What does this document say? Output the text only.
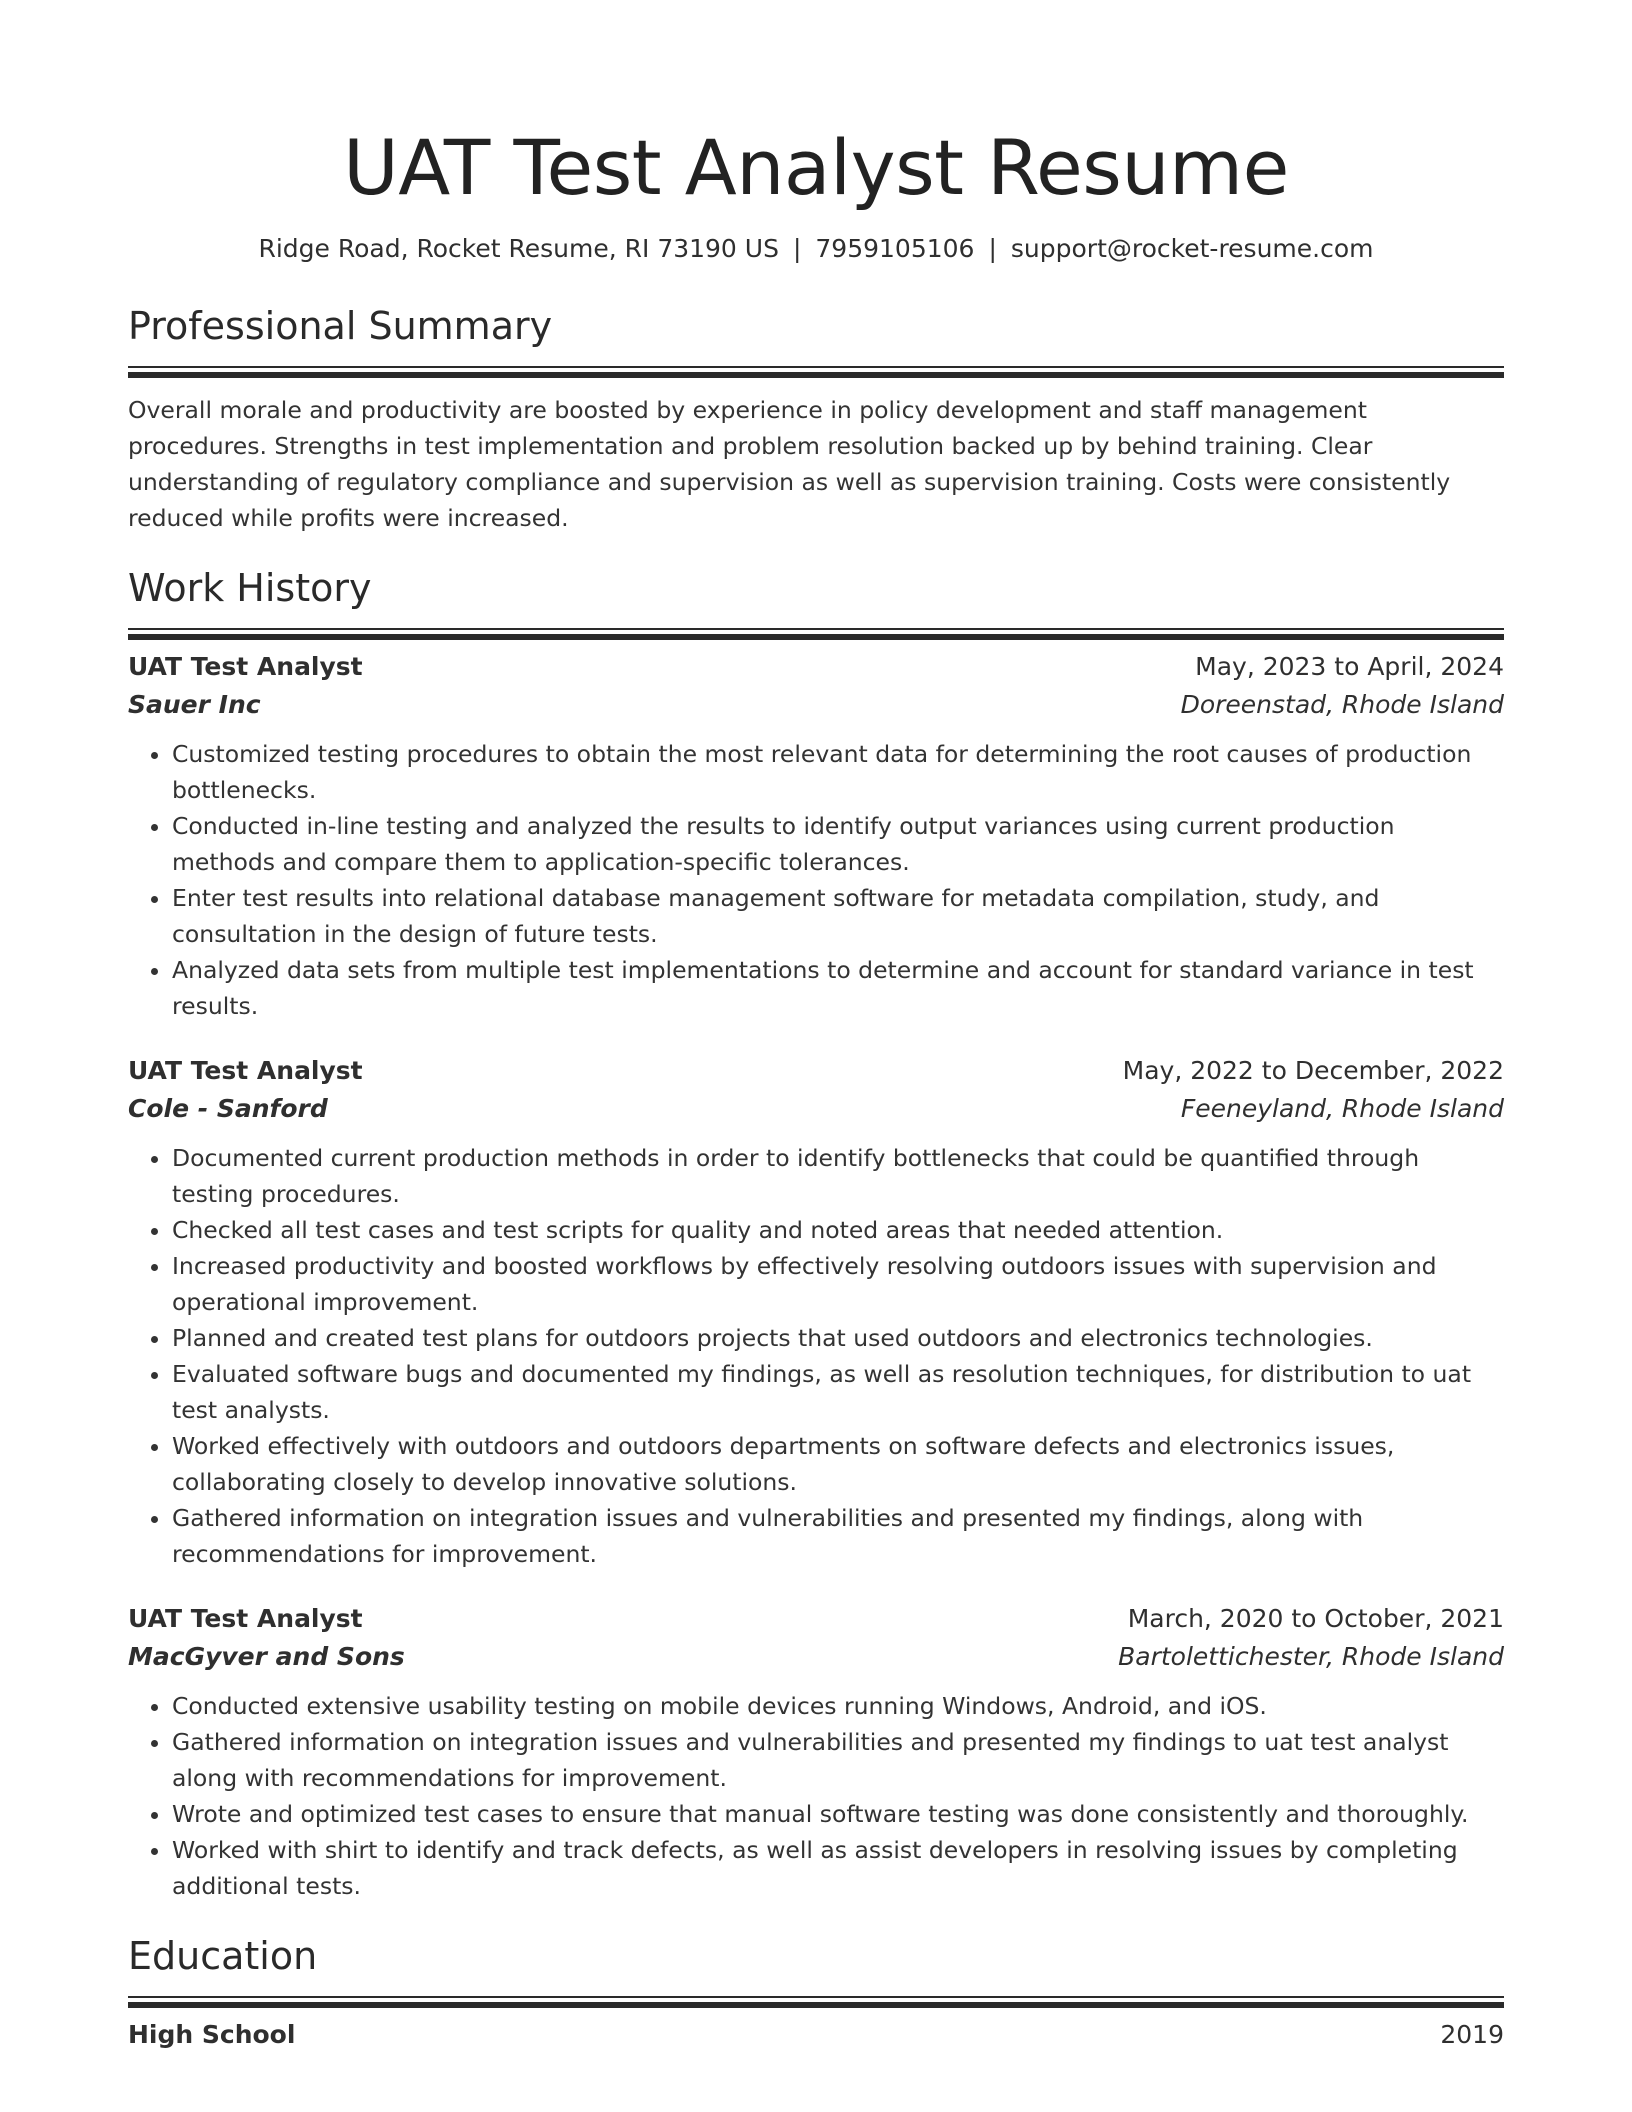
UAT Test Analyst Resume
Ridge Road, Rocket Resume, RI 73190 US | 7959105106 | support@rocket-resume.com
Professional Summary

Overall morale and productivity are boosted by experience in policy development and staff management procedures. Strengths in test implementation and problem resolution backed up by behind training. Clear understanding of regulatory compliance and supervision as well as supervision training. Costs were consistently reduced while profits were increased.

Work History
UAT Test Analyst	May, 2023 to April, 2024
Sauer Inc	Doreenstad, Rhode Island
• Customized testing procedures to obtain the most relevant data for determining the root causes of production bottlenecks.
• Conducted in-line testing and analyzed the results to identify output variances using current production methods and compare them to application-specific tolerances.
• Enter test results into relational database management software for metadata compilation, study, and consultation in the design of future tests.
• Analyzed data sets from multiple test implementations to determine and account for standard variance in test results.
UAT Test Analyst	May, 2022 to December, 2022
Cole - Sanford	Feeneyland, Rhode Island
• Documented current production methods in order to identify bottlenecks that could be quantified through testing procedures.
• Checked all test cases and test scripts for quality and noted areas that needed attention.
• Increased productivity and boosted workflows by effectively resolving outdoors issues with supervision and operational improvement.
• Planned and created test plans for outdoors projects that used outdoors and electronics technologies.
• Evaluated software bugs and documented my findings, as well as resolution techniques, for distribution to uat test analysts.
• Worked effectively with outdoors and outdoors departments on software defects and electronics issues, collaborating closely to develop innovative solutions.
• Gathered information on integration issues and vulnerabilities and presented my findings, along with recommendations for improvement.
UAT Test Analyst	March, 2020 to October, 2021
MacGyver and Sons	Bartolettichester, Rhode Island
• Conducted extensive usability testing on mobile devices running Windows, Android, and iOS.
• Gathered information on integration issues and vulnerabilities and presented my findings to uat test analyst along with recommendations for improvement.
• Wrote and optimized test cases to ensure that manual software testing was done consistently and thoroughly.
• Worked with shirt to identify and track defects, as well as assist developers in resolving issues by completing additional tests.
Education
High School	2019
